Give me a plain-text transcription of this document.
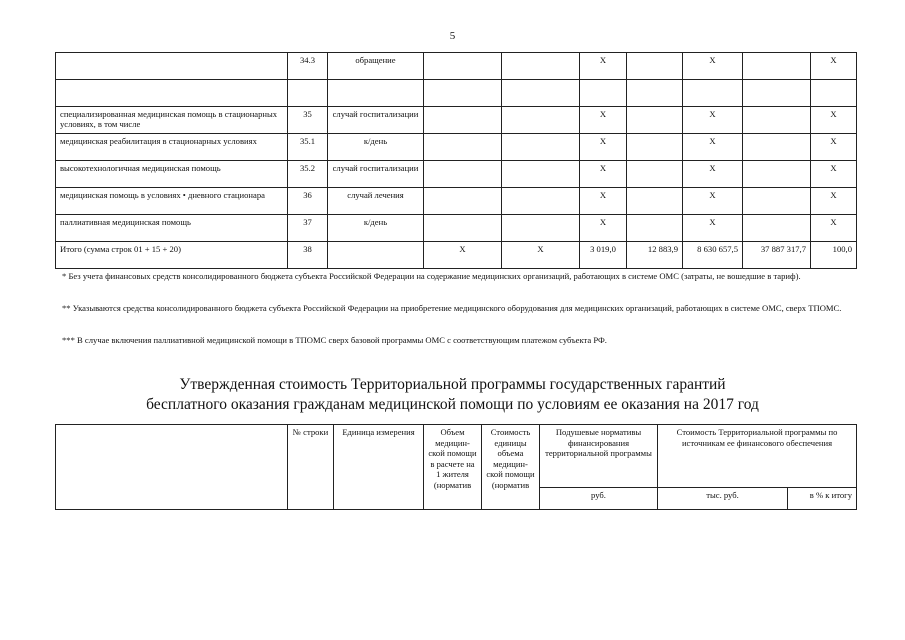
5
	34.3	обращение			Х		Х		Х

специализированная медицинская помощь в стационарных условиях, в том числе	35	случай госпитализации			Х		Х		Х
медицинская реабилитация в стационарных условиях	35.1	к/день			Х		Х		Х
высокотехнологичная медицинская помощь	35.2	случай госпитализации			Х		Х		Х
медицинская помощь в условиях • дневного стационара	36	случай лечения			Х		Х		Х
паллиативная медицинская помощь	37	к/день			Х		Х		Х
Итого (сумма строк 01 + 15 + 20)	38		Х	Х	3 019,0	12 883,9	8 630 657,5	37 887 317,7	100,0
* Без учета финансовых средств консолидированного бюджета субъекта Российской Федерации на содержание медицинских организаций, работающих в системе ОМС (затраты, не вошедшие в тариф).
** Указываются средства консолидированного бюджета субъекта Российской Федерации на приобретение медицинского оборудования для медицинских организаций, работающих в системе ОМС, сверх ТПОМС.
*** В случае включения паллиативной медицинской помощи в ТПОМС сверх базовой программы ОМС с соответствующим платежом субъекта РФ.
Утвержденная стоимость Территориальной программы государственных гарантий
бесплатного оказания гражданам медицинской помощи по условиям ее оказания на 2017 год
	№ строки	Единица измерения	Объем медицин-ской помощи в расчете на 1 жителя (норматив	Стоимость единицы объема медицин-ской помощи (норматив	Подушевые нормативы финансирования территориальной программы	Стоимость Территориальной программы по источникам ее финансового обеспечения	
					руб.	тыс. руб.	в % к итогу
